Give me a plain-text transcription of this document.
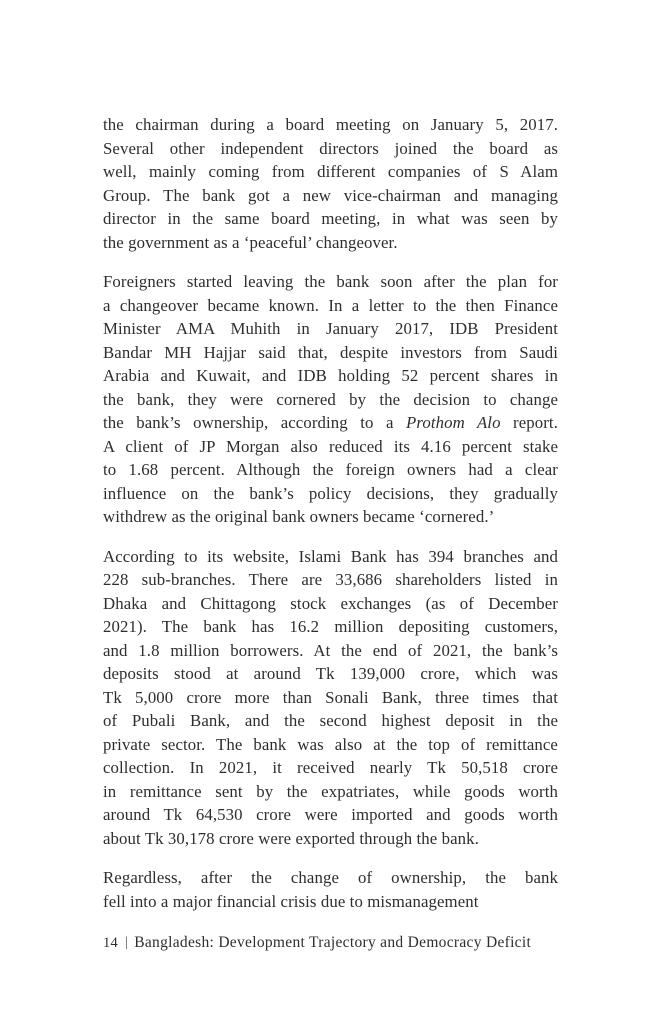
the chairman during a board meeting on January 5, 2017.
Several other independent directors joined the board as
well, mainly coming from different companies of S Alam
Group. The bank got a new vice-chairman and managing
director in the same board meeting, in what was seen by
the government as a ‘peaceful’ changeover.
Foreigners started leaving the bank soon after the plan for
a changeover became known. In a letter to the then Finance
Minister AMA Muhith in January 2017, IDB President
Bandar MH Hajjar said that, despite investors from Saudi
Arabia and Kuwait, and IDB holding 52 percent shares in
the bank, they were cornered by the decision to change
the bank’s ownership, according to a Prothom Alo report.
A client of JP Morgan also reduced its 4.16 percent stake
to 1.68 percent. Although the foreign owners had a clear
influence on the bank’s policy decisions, they gradually
withdrew as the original bank owners became ‘cornered.’
According to its website, Islami Bank has 394 branches and
228 sub-branches. There are 33,686 shareholders listed in
Dhaka and Chittagong stock exchanges (as of December
2021). The bank has 16.2 million depositing customers,
and 1.8 million borrowers. At the end of 2021, the bank’s
deposits stood at around Tk 139,000 crore, which was
Tk 5,000 crore more than Sonali Bank, three times that
of Pubali Bank, and the second highest deposit in the
private sector. The bank was also at the top of remittance
collection. In 2021, it received nearly Tk 50,518 crore
in remittance sent by the expatriates, while goods worth
around Tk 64,530 crore were imported and goods worth
about Tk 30,178 crore were exported through the bank.
Regardless, after the change of ownership, the bank
fell into a major financial crisis due to mismanagement
14 | Bangladesh: Development Trajectory and Democracy Deficit
